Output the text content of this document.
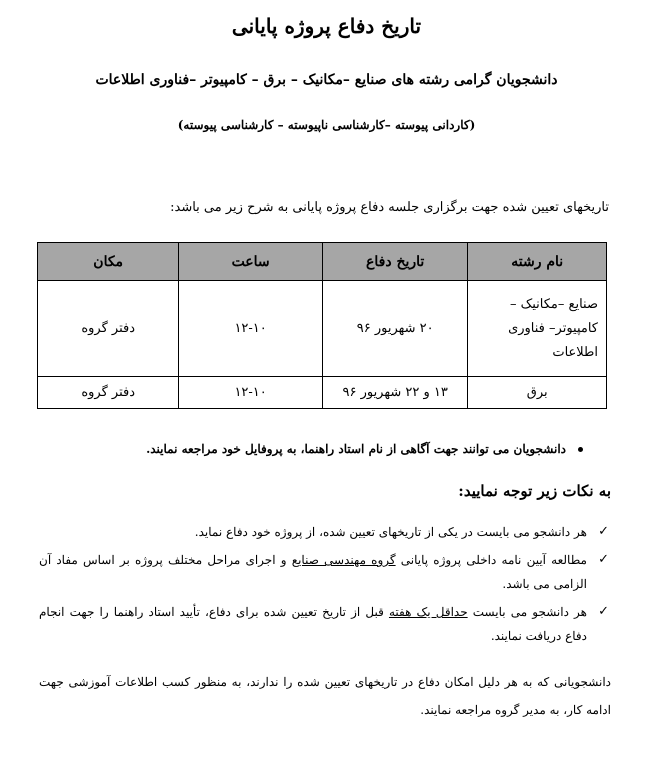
تاریخ دفاع پروژه پایانی
دانشجویان گرامی رشته های صنایع –مکانیک – برق – کامپیوتر –فناوری اطلاعات
(کاردانی پیوسته –کارشناسی ناپیوسته – کارشناسی پیوسته)
تاریخهای تعیین شده جهت برگزاری جلسه دفاع پروژه پایانی به شرح زیر می باشد:
نام رشته	تاریخ دفاع	ساعت	مکان
صنایع –مکانیک – کامپیوتر– فناوری اطلاعات	۲۰ شهریور ۹۶	۱۲-۱۰	دفتر گروه
برق	۱۳ و ۲۲ شهریور ۹۶	۱۲-۱۰	دفتر گروه
دانشجویان می توانند جهت آگاهی از نام استاد راهنما، به پروفایل خود مراجعه نمایند.
به نکات زیر توجه نمایید:
✓
هر دانشجو می بایست در یکی از تاریخهای تعیین شده، از پروژه خود دفاع نماید.
✓
مطالعه آیین نامه داخلی پروژه پایانی گروه مهندسی صنایع و اجرای مراحل مختلف پروژه بر اساس مفاد آن الزامی می باشد.
✓
هر دانشجو می بایست حداقل یک هفته قبل از تاریخ تعیین شده برای دفاع، تأیید استاد راهنما را جهت انجام دفاع دریافت نمایند.
دانشجویانی که به هر دلیل امکان دفاع در تاریخهای تعیین شده را ندارند، به منظور کسب اطلاعات آموزشی جهت ادامه کار، به مدیر گروه مراجعه نمایند.
